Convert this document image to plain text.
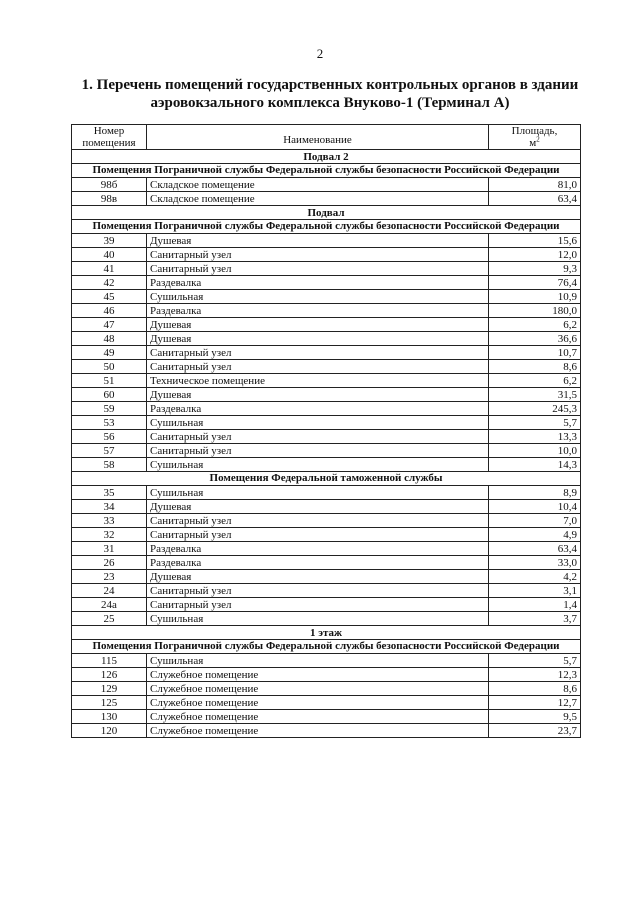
2
1. Перечень помещений государственных контрольных органов в здании
аэровокзального комплекса Внуково-1 (Терминал А)
Номер
помещения	Наименование	Площадь,
$м^2$
Подвал 2		
Помещения Пограничной службы Федеральной службы безопасности Российской Федерации		
98б	Складское помещение	81,0
98в	Складское помещение	63,4
Подвал		
Помещения Пограничной службы Федеральной службы безопасности Российской Федерации		
39	Душевая	15,6
40	Санитарный узел	12,0
41	Санитарный узел	9,3
42	Раздевалка	76,4
45	Сушильная	10,9
46	Раздевалка	180,0
47	Душевая	6,2
48	Душевая	36,6
49	Санитарный узел	10,7
50	Санитарный узел	8,6
51	Техническое помещение	6,2
60	Душевая	31,5
59	Раздевалка	245,3
53	Сушильная	5,7
56	Санитарный узел	13,3
57	Санитарный узел	10,0
58	Сушильная	14,3
Помещения Федеральной таможенной службы		
35	Сушильная	8,9
34	Душевая	10,4
33	Санитарный узел	7,0
32	Санитарный узел	4,9
31	Раздевалка	63,4
26	Раздевалка	33,0
23	Душевая	4,2
24	Санитарный узел	3,1
24а	Санитарный узел	1,4
25	Сушильная	3,7
1 этаж		
Помещения Пограничной службы Федеральной службы безопасности Российской Федерации		
115	Сушильная	5,7
126	Служебное помещение	12,3
129	Служебное помещение	8,6
125	Служебное помещение	12,7
130	Служебное помещение	9,5
120	Служебное помещение	23,7
